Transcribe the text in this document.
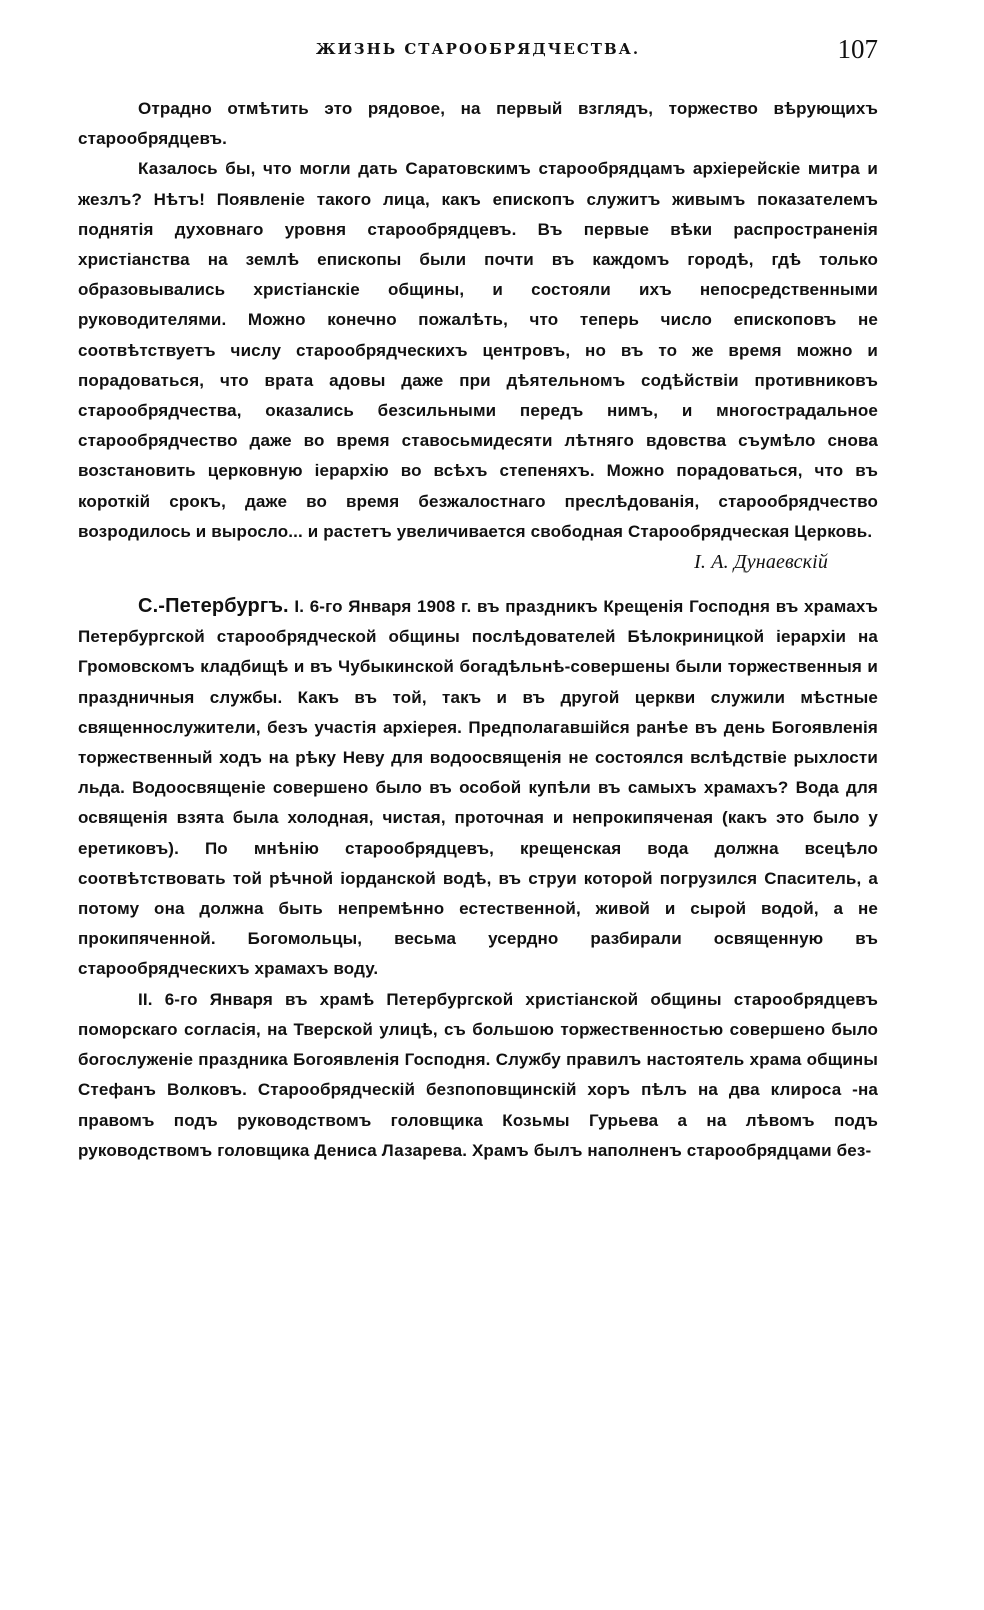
ЖИЗНЬ СТАРООБРЯДЧЕСТВА.	107

Отрадно отмѣтить это рядовое, на первый взглядъ, торжество вѣрующихъ старообрядцевъ.

Казалось бы, что могли дать Саратовскимъ старообрядцамъ архіерейскіе митра и жезлъ? Нѣтъ! Появленіе такого лица, какъ епископъ служитъ живымъ показателемъ поднятія духовнаго уровня старообрядцевъ. Въ первые вѣки распространенія христіанства на землѣ епископы были почти въ каждомъ городѣ, гдѣ только образовывались христіанскіе общины, и состояли ихъ непосредственными руководителями. Можно конечно пожалѣть, что теперь число епископовъ не соотвѣтствуетъ числу старообрядческихъ центровъ, но въ то же время можно и порадоваться, что врата адовы даже при дѣятельномъ содѣйствіи противниковъ старообрядчества, оказались безсильными передъ нимъ, и многострадальное старообрядчество даже во время ставосьмидесяти лѣтняго вдовства съумѣло снова возстановить церковную іерархію во всѣхъ степеняхъ. Можно порадоваться, что въ короткій срокъ, даже во время безжалостнаго преслѣдованія, старообрядчество возродилось и выросло... и растетъ увеличивается свободная Старообрядческая Церковь.

І. А. Дунаевскій

С.-Петербургъ. I. 6-го Января 1908 г. въ праздникъ Крещенія Господня въ храмахъ Петербургской старообрядческой общины послѣдователей Бѣлокриницкой іерархіи на Громовскомъ кладбищѣ и въ Чубыкинской богадѣльнѣ-совершены были торжественныя и праздничныя службы. Какъ въ той, такъ и въ другой церкви служили мѣстные священнослужители, безъ участія архіерея. Предполагавшійся ранѣе въ день Богоявленія торжественный ходъ на рѣку Неву для водоосвященія не состоялся вслѣдствіе рыхлости льда. Водоосвященіе совершено было въ особой купѣли въ самыхъ храмахъ? Вода для освященія взята была холодная, чистая, проточная и непрокипяченая (какъ это было у еретиковъ). По мнѣнію старообрядцевъ, крещенская вода должна всецѣло соотвѣтствовать той рѣчной іорданской водѣ, въ струи которой погрузился Спаситель, а потому она должна быть непремѣнно естественной, живой и сырой водой, а не прокипяченной. Богомольцы, весьма усердно разбирали освященную въ старообрядческихъ храмахъ воду.

II. 6-го Января въ храмѣ Петербургской христіанской общины старообрядцевъ поморскаго согласія, на Тверской улицѣ, съ большою торжественностью совершено было богослуженіе праздника Богоявленія Господня. Службу правилъ настоятель храма общины Стефанъ Волковъ. Старообрядческій безпоповщинскій хоръ пѣлъ на два клироса -на правомъ подъ руководствомъ головщика Козьмы Гурьева а на лѣвомъ подъ руководствомъ головщика Дениса Лазарева. Храмъ былъ наполненъ старообрядцами без-
